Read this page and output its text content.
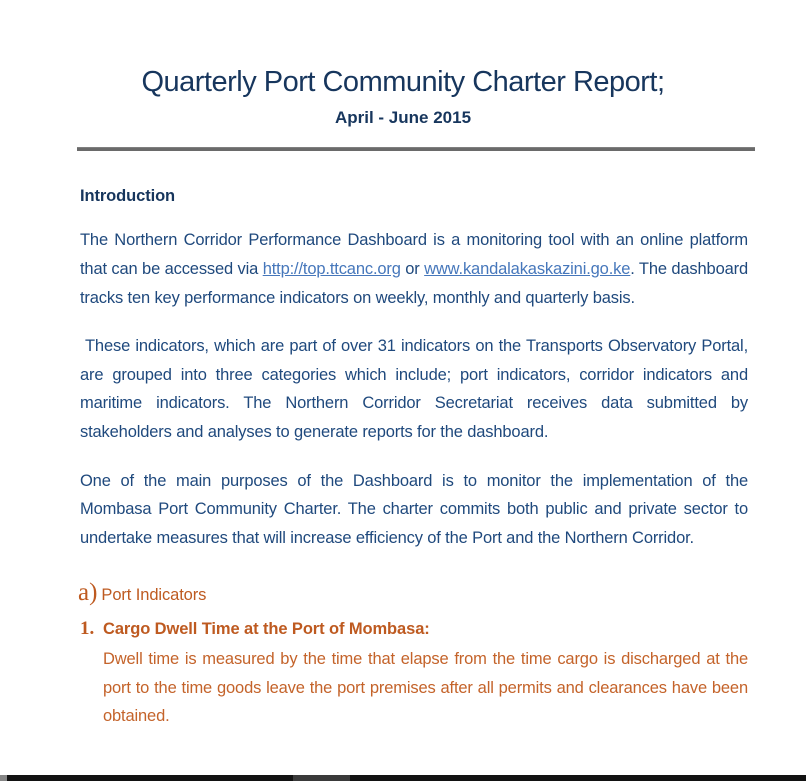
Quarterly Port Community Charter Report;
April - June 2015
Introduction

The Northern Corridor Performance Dashboard is a monitoring tool with an online platform that can be accessed via http://top.ttcanc.org or www.kandalakaskazini.go.ke. The dashboard tracks ten key performance indicators on weekly, monthly and quarterly basis.

These indicators, which are part of over 31 indicators on the Transports Observatory Portal, are grouped into three categories which include; port indicators, corridor indicators and maritime indicators. The Northern Corridor Secretariat receives data submitted by stakeholders and analyses to generate reports for the dashboard.

One of the main purposes of the Dashboard is to monitor the implementation of the Mombasa Port Community Charter. The charter commits both public and private sector to undertake measures that will increase efficiency of the Port and the Northern Corridor.

a) Port Indicators
1. Cargo Dwell Time at the Port of Mombasa:

Dwell time is measured by the time that elapse from the time cargo is discharged at the port to the time goods leave the port premises after all permits and clearances have been obtained.
